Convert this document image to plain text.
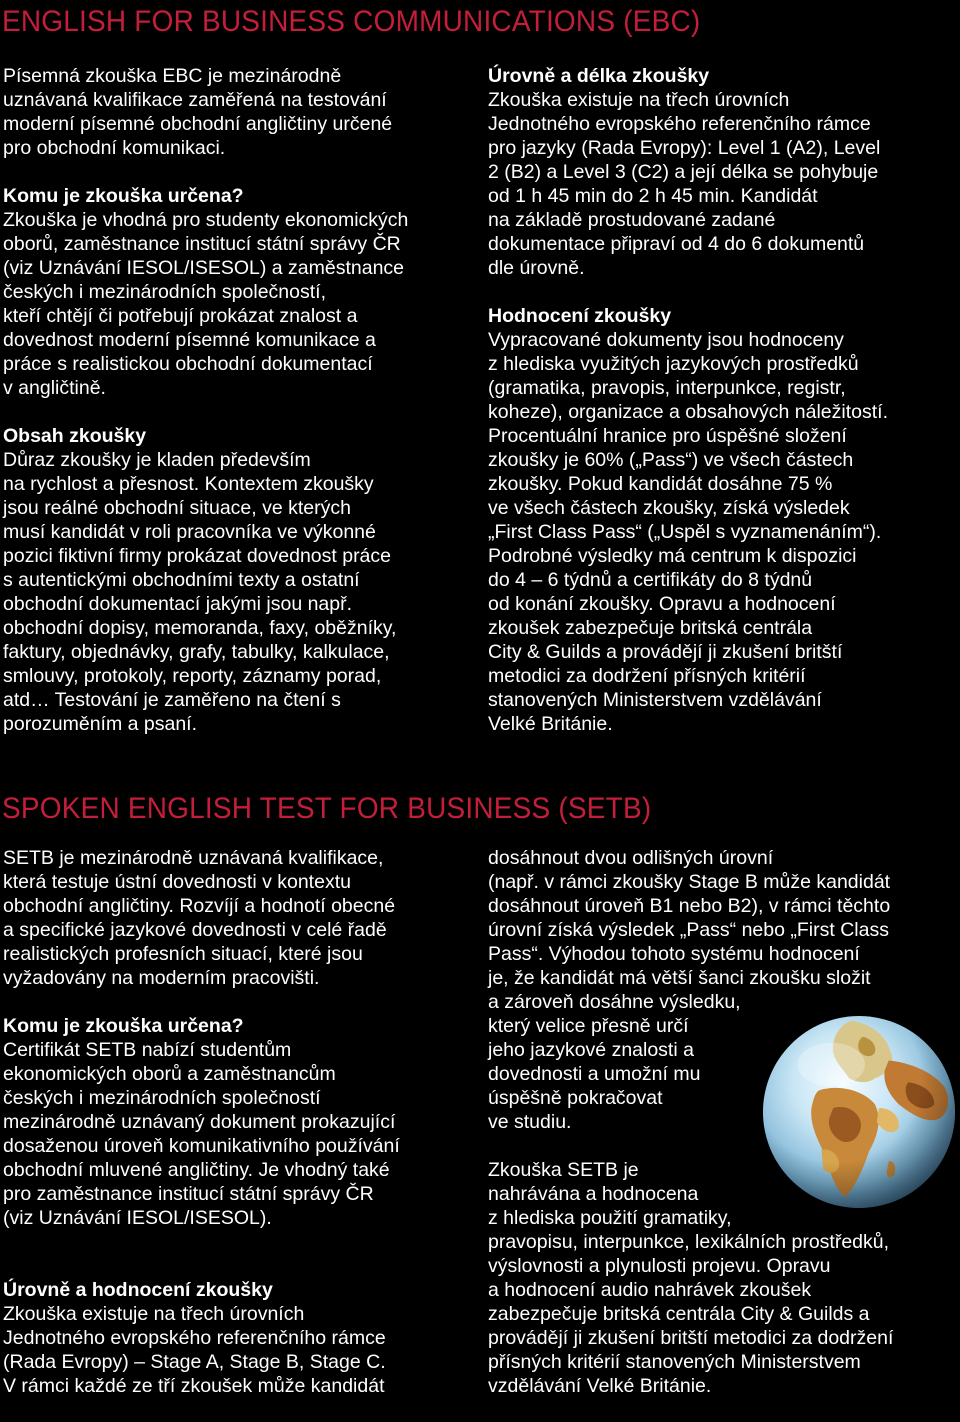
ENGLISH FOR BUSINESS COMMUNICATIONS (EBC)

Písemná zkouška EBC je mezinárodně
uznávaná kvalifikace zaměřená na testování
moderní písemné obchodní angličtiny určené
pro obchodní komunikaci.

Komu je zkouška určena?
Zkouška je vhodná pro studenty ekonomických
oborů, zaměstnance institucí státní správy ČR
(viz Uznávání IESOL/ISESOL) a zaměstnance
českých i mezinárodních společností,
kteří chtějí či potřebují prokázat znalost a
dovednost moderní písemné komunikace a
práce s realistickou obchodní dokumentací
v angličtině.

Obsah zkoušky
Důraz zkoušky je kladen především
na rychlost a přesnost. Kontextem zkoušky
jsou reálné obchodní situace, ve kterých
musí kandidát v roli pracovníka ve výkonné
pozici fiktivní firmy prokázat dovednost práce
s autentickými obchodními texty a ostatní
obchodní dokumentací jakými jsou např.
obchodní dopisy, memoranda, faxy, oběžníky,
faktury, objednávky, grafy, tabulky, kalkulace,
smlouvy, protokoly, reporty, záznamy porad,
atd… Testování je zaměřeno na čtení s
porozuměním a psaní.

Úrovně a délka zkoušky
Zkouška existuje na třech úrovních
Jednotného evropského referenčního rámce
pro jazyky (Rada Evropy): Level 1 (A2), Level
2 (B2) a Level 3 (C2) a její délka se pohybuje
od 1 h 45 min do 2 h 45 min. Kandidát
na základě prostudované zadané
dokumentace připraví od 4 do 6 dokumentů
dle úrovně.

Hodnocení zkoušky
Vypracované dokumenty jsou hodnoceny
z hlediska využitých jazykových prostředků
(gramatika, pravopis, interpunkce, registr,
koheze), organizace a obsahových náležitostí.
Procentuální hranice pro úspěšné složení
zkoušky je 60% („Pass“) ve všech částech
zkoušky. Pokud kandidát dosáhne 75 %
ve všech částech zkoušky, získá výsledek
„First Class Pass“ („Uspěl s vyznamenáním“).
Podrobné výsledky má centrum k dispozici
do 4 – 6 týdnů a certifikáty do 8 týdnů
od konání zkoušky. Opravu a hodnocení
zkoušek zabezpečuje britská centrála
City & Guilds a provádějí ji zkušení britští
metodici za dodržení přísných kritérií
stanovených Ministerstvem vzdělávání
Velké Británie.

SPOKEN ENGLISH TEST FOR BUSINESS (SETB)

SETB je mezinárodně uznávaná kvalifikace,
která testuje ústní dovednosti v kontextu
obchodní angličtiny. Rozvíjí a hodnotí obecné
a specifické jazykové dovednosti v celé řadě
realistických profesních situací, které jsou
vyžadovány na moderním pracovišti.

Komu je zkouška určena?
Certifikát SETB nabízí studentům
ekonomických oborů a zaměstnancům
českých i mezinárodních společností
mezinárodně uznávaný dokument prokazující
dosaženou úroveň komunikativního používání
obchodní mluvené angličtiny. Je vhodný také
pro zaměstnance institucí státní správy ČR
(viz Uznávání IESOL/ISESOL).

Úrovně a hodnocení zkoušky
Zkouška existuje na třech úrovních
Jednotného evropského referenčního rámce
(Rada Evropy) – Stage A, Stage B, Stage C.
V rámci každé ze tří zkoušek může kandidát

dosáhnout dvou odlišných úrovní
(např. v rámci zkoušky Stage B může kandidát
dosáhnout úroveň B1 nebo B2), v rámci těchto
úrovní získá výsledek „Pass“ nebo „First Class
Pass“. Výhodou tohoto systému hodnocení
je, že kandidát má větší šanci zkoušku složit
a zároveň dosáhne výsledku,
který velice přesně určí
jeho jazykové znalosti a
dovednosti a umožní mu
úspěšně pokračovat
ve studiu.

Zkouška SETB je
nahrávána a hodnocena
z hlediska použití gramatiky,
pravopisu, interpunkce, lexikálních prostředků,
výslovnosti a plynulosti projevu. Opravu
a hodnocení audio nahrávek zkoušek
zabezpečuje britská centrála City & Guilds a
provádějí ji zkušení britští metodici za dodržení
přísných kritérií stanovených Ministerstvem
vzdělávání Velké Británie.
